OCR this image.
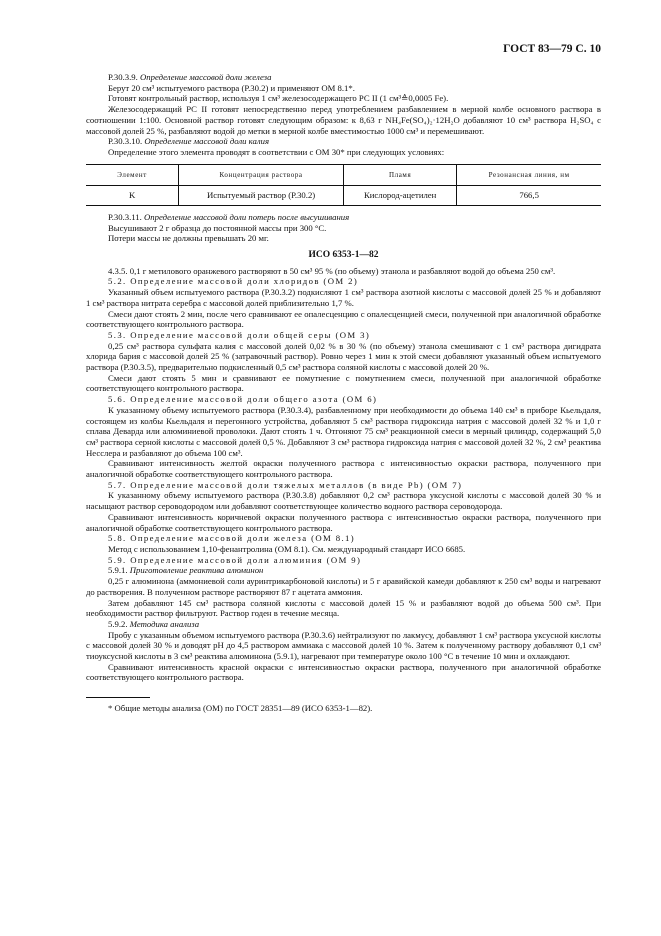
ГОСТ 83—79 С. 10

Р.30.3.9. Определение массовой доли железа

Берут 20 см³ испытуемого раствора (Р.30.2) и применяют ОМ 8.1*.

Готовят контрольный раствор, используя 1 см³ железосодержащего РС II (1 см³≙0,0005 Fe).

Железосодержащий РС II готовят непосредственно перед употреблением разбавлением в мерной колбе основного раствора в соотношении 1:100. Основной раствор готовят следующим образом: к 8,63 г NH₄Fe(SO₄)₂·12H₂O добавляют 10 см³ раствора H₂SO₄ с массовой долей 25 %, разбавляют водой до метки в мерной колбе вместимостью 1000 см³ и перемешивают.

Р.30.3.10. Определение массовой доли калия

Определение этого элемента проводят в соответствии с ОМ 30* при следующих условиях:

Элемент	Концентрация раствора	Пламя	Резонансная линия, нм
K	Испытуемый раствор (Р.30.2)	Кислород-ацетилен	766,5

Р.30.3.11. Определение массовой доли потерь после высушивания

Высушивают 2 г образца до постоянной массы при 300 °С.

Потери массы не должны превышать 20 мг.

ИСО 6353-1—82

4.3.5. 0,1 г метилового оранжевого растворяют в 50 см³ 95 % (по объему) этанола и разбавляют водой до объема 250 см³.

5.2. Определение массовой доли хлоридов (ОМ 2)

Указанный объем испытуемого раствора (Р.30.3.2) подкисляют 1 см³ раствора азотной кислоты с массовой долей 25 % и добавляют 1 см³ раствора нитрата серебра с массовой долей приблизительно 1,7 %.

Смеси дают стоять 2 мин, после чего сравнивают ее опалесценцию с опалесценцией смеси, полученной при аналогичной обработке соответствующего контрольного раствора.

5.3. Определение массовой доли общей серы (ОМ 3)

0,25 см³ раствора сульфата калия с массовой долей 0,02 % в 30 % (по объему) этанола смешивают с 1 см³ раствора дигидрата хлорида бария с массовой долей 25 % (затравочный раствор). Ровно через 1 мин к этой смеси добавляют указанный объем испытуемого раствора (Р.30.3.5), предварительно подкисленный 0,5 см³ раствора соляной кислоты с массовой долей 20 %.

Смеси дают стоять 5 мин и сравнивают ее помутнение с помутнением смеси, полученной при аналогичной обработке соответствующего контрольного раствора.

5.6. Определение массовой доли общего азота (ОМ 6)

К указанному объему испытуемого раствора (Р.30.3.4), разбавленному при необходимости до объема 140 см³ в приборе Кьельдаля, состоящем из колбы Кьельдаля и перегонного устройства, добавляют 5 см³ раствора гидроксида натрия с массовой долей 32 % и 1,0 г сплава Деварда или алюминиевой проволоки. Дают стоять 1 ч. Отгоняют 75 см³ реакционной смеси в мерный цилиндр, содержащий 5,0 см³ раствора серной кислоты с массовой долей 0,5 %. Добавляют 3 см³ раствора гидроксида натрия с массовой долей 32 %, 2 см³ реактива Несслера и разбавляют до объема 100 см³.

Сравнивают интенсивность желтой окраски полученного раствора с интенсивностью окраски раствора, полученного при аналогичной обработке соответствующего контрольного раствора.

5.7. Определение массовой доли тяжелых металлов (в виде Pb) (ОМ 7)

К указанному объему испытуемого раствора (Р.30.3.8) добавляют 0,2 см³ раствора уксусной кислоты с массовой долей 30 % и насыщают раствор сероводородом или добавляют соответствующее количество водного раствора сероводорода.

Сравнивают интенсивность коричневой окраски полученного раствора с интенсивностью окраски раствора, полученного при аналогичной обработке соответствующего контрольного раствора.

5.8. Определение массовой доли железа (ОМ 8.1)

Метод с использованием 1,10-фенантролина (ОМ 8.1). См. международный стандарт ИСО 6685.

5.9. Определение массовой доли алюминия (ОМ 9)

5.9.1. Приготовление реактива алюминон

0,25 г алюминона (аммониевой соли ауринтрикарбоновой кислоты) и 5 г аравийской камеди добавляют к 250 см³ воды и нагревают до растворения. В полученном растворе растворяют 87 г ацетата аммония.

Затем добавляют 145 см³ раствора соляной кислоты с массовой долей 15 % и разбавляют водой до объема 500 см³. При необходимости раствор фильтруют. Раствор годен в течение месяца.

5.9.2. Методика анализа

Пробу с указанным объемом испытуемого раствора (Р.30.3.6) нейтрализуют по лакмусу, добавляют 1 см³ раствора уксусной кислоты с массовой долей 30 % и доводят рН до 4,5 раствором аммиака с массовой долей 10 %. Затем к полученному раствору добавляют 0,1 см³ тиоуксусной кислоты в 3 см³ реактива алюминона (5.9.1), нагревают при температуре около 100 °С в течение 10 мин и охлаждают.

Сравнивают интенсивность красной окраски с интенсивностью окраски раствора, полученного при аналогичной обработке соответствующего контрольного раствора.

* Общие методы анализа (ОМ) по ГОСТ 28351—89 (ИСО 6353-1—82).
